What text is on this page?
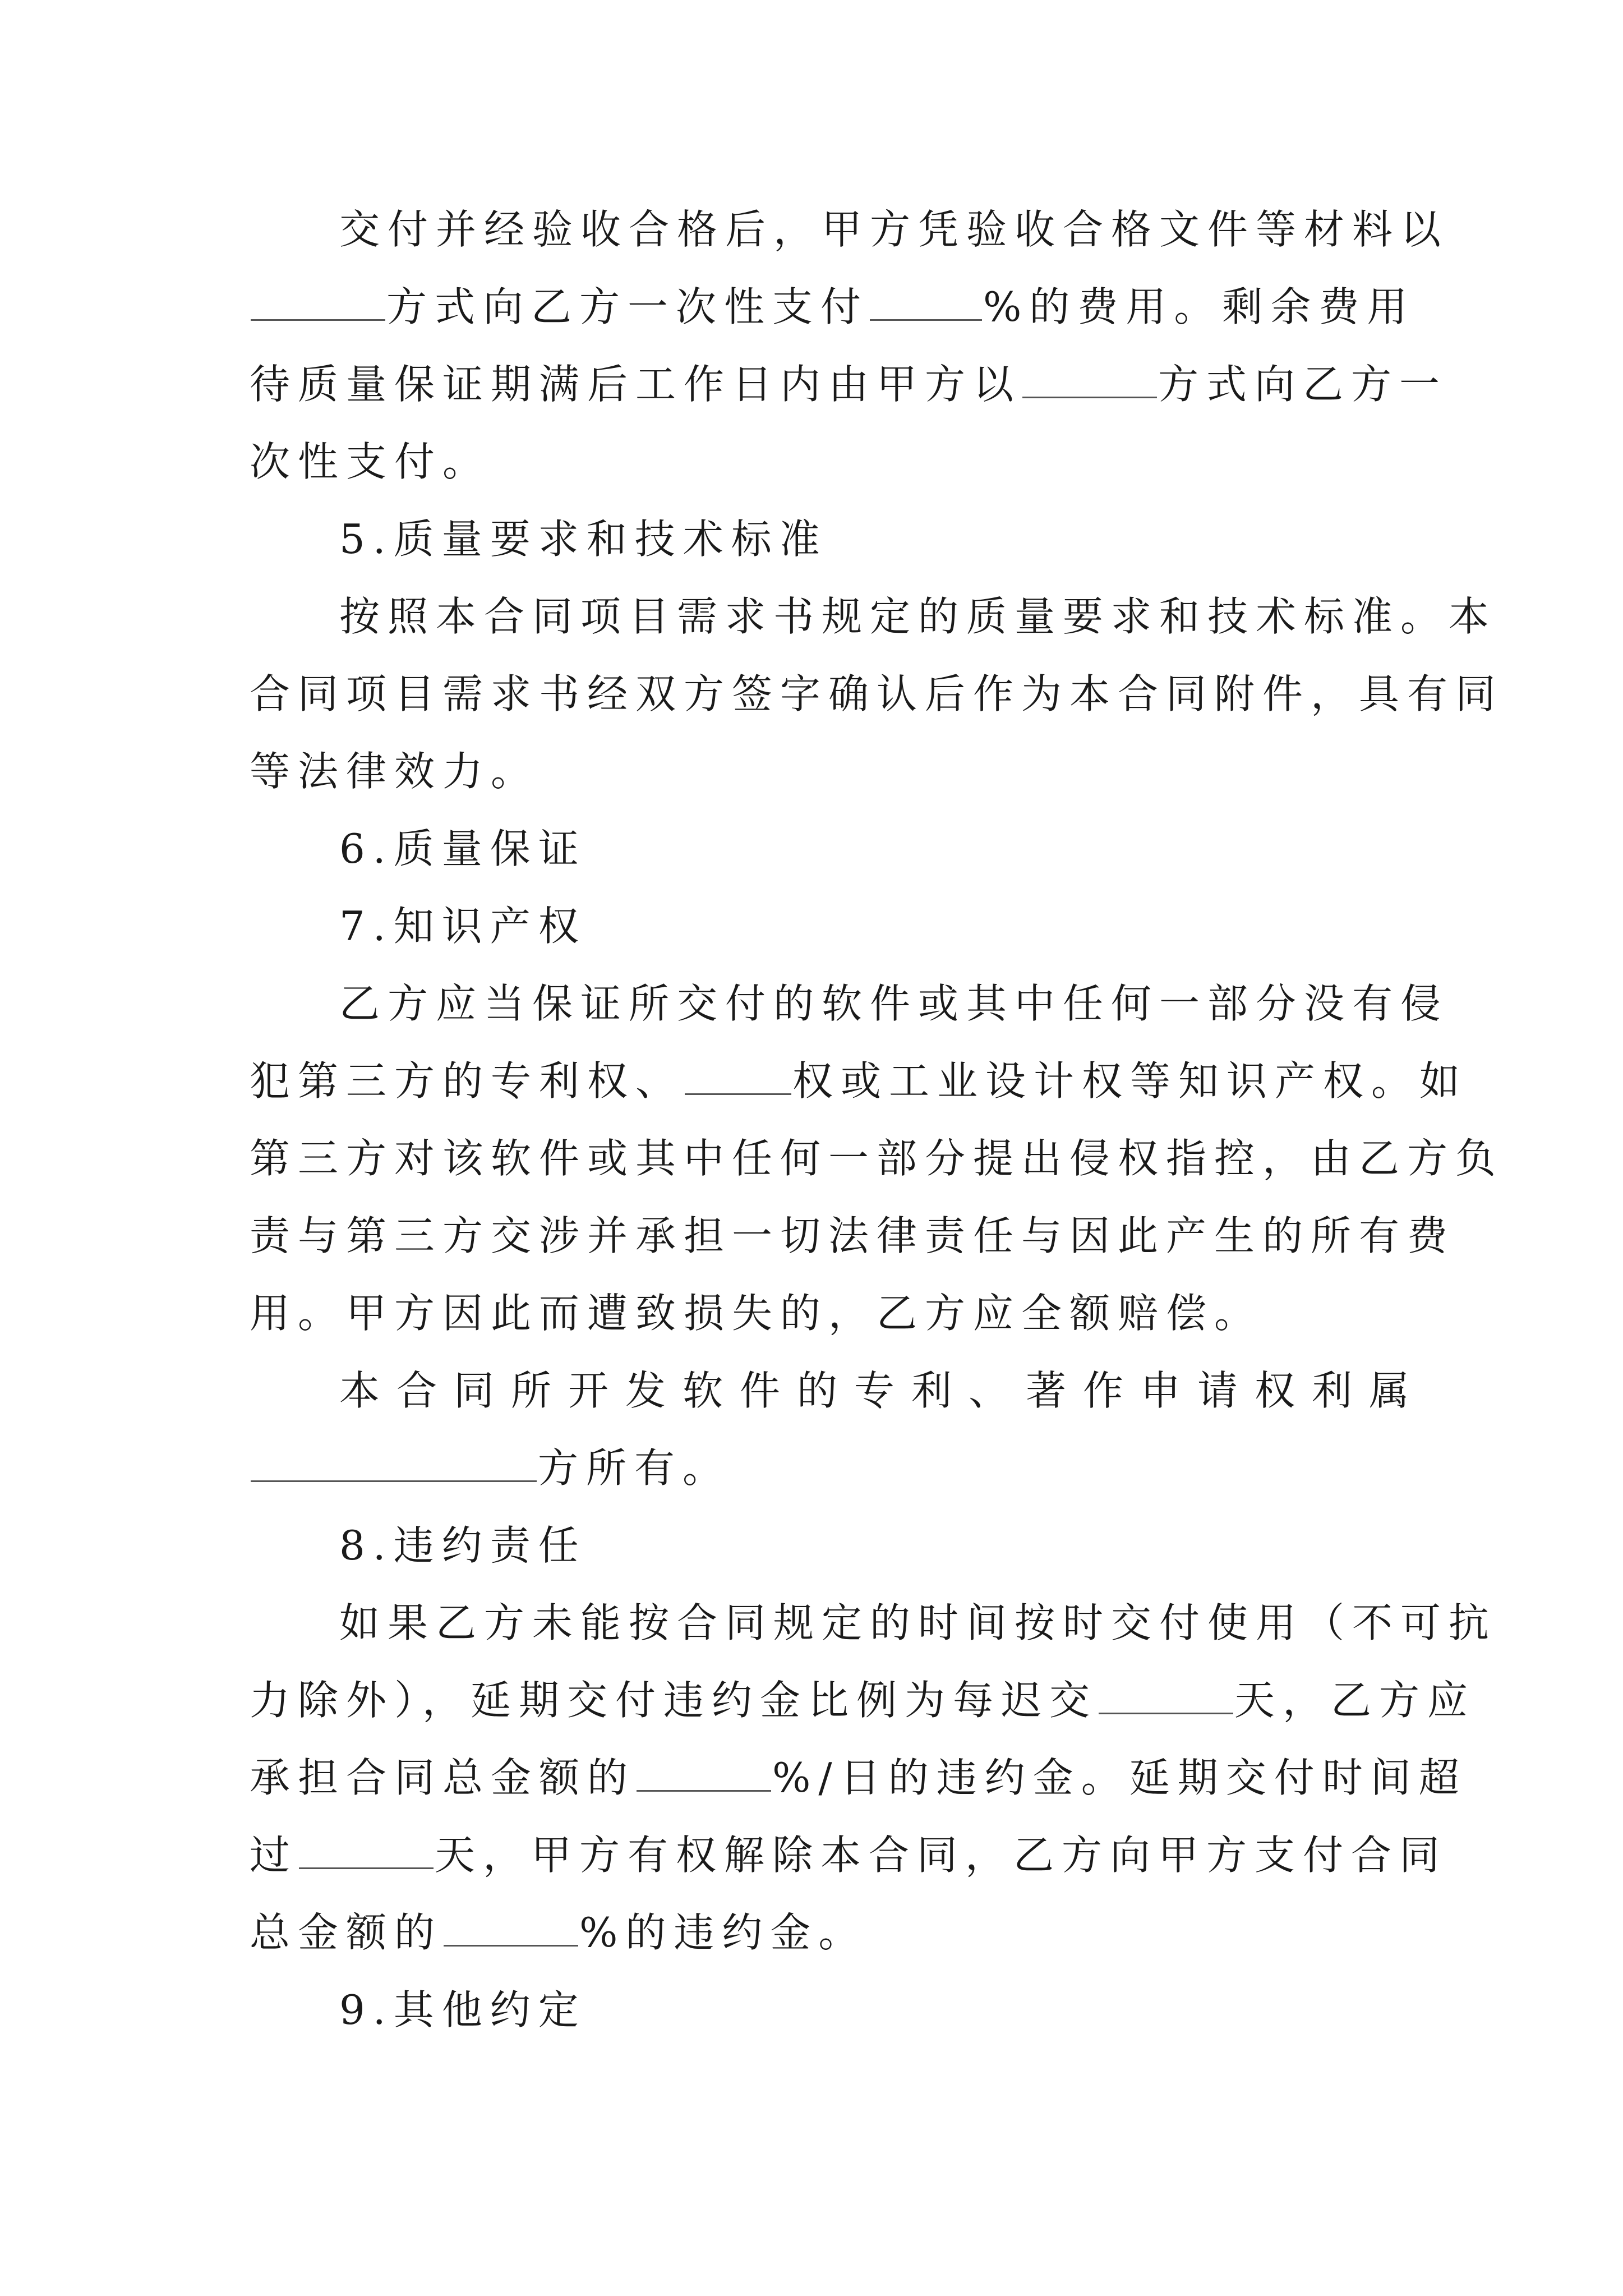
交付并经验收合格后，甲方凭验收合格文件等材料以
方式向乙方一次性支付	%的费用。剩余费用
待质量保证期满后工作日内由甲方以	方式向乙方一
次性支付。
5.质量要求和技术标准
按照本合同项目需求书规定的质量要求和技术标准。本
合同项目需求书经双方签字确认后作为本合同附件，具有同
等法律效力。
6.质量保证
7.知识产权
乙方应当保证所交付的软件或其中任何一部分没有侵
犯第三方的专利权、	权或工业设计权等知识产权。如
第三方对该软件或其中任何一部分提出侵权指控，由乙方负
责与第三方交涉并承担一切法律责任与因此产生的所有费
用。甲方因此而遭致损失的，乙方应全额赔偿。
本合同所开发软件的专利、著作申请权利属
方所有。
8.违约责任
如果乙方未能按合同规定的时间按时交付使用（不可抗
力除外），延期交付违约金比例为每迟交	天，乙方应
承担合同总金额的	%/日的违约金。延期交付时间超
过	天，甲方有权解除本合同，乙方向甲方支付合同
总金额的	%的违约金。
9.其他约定
